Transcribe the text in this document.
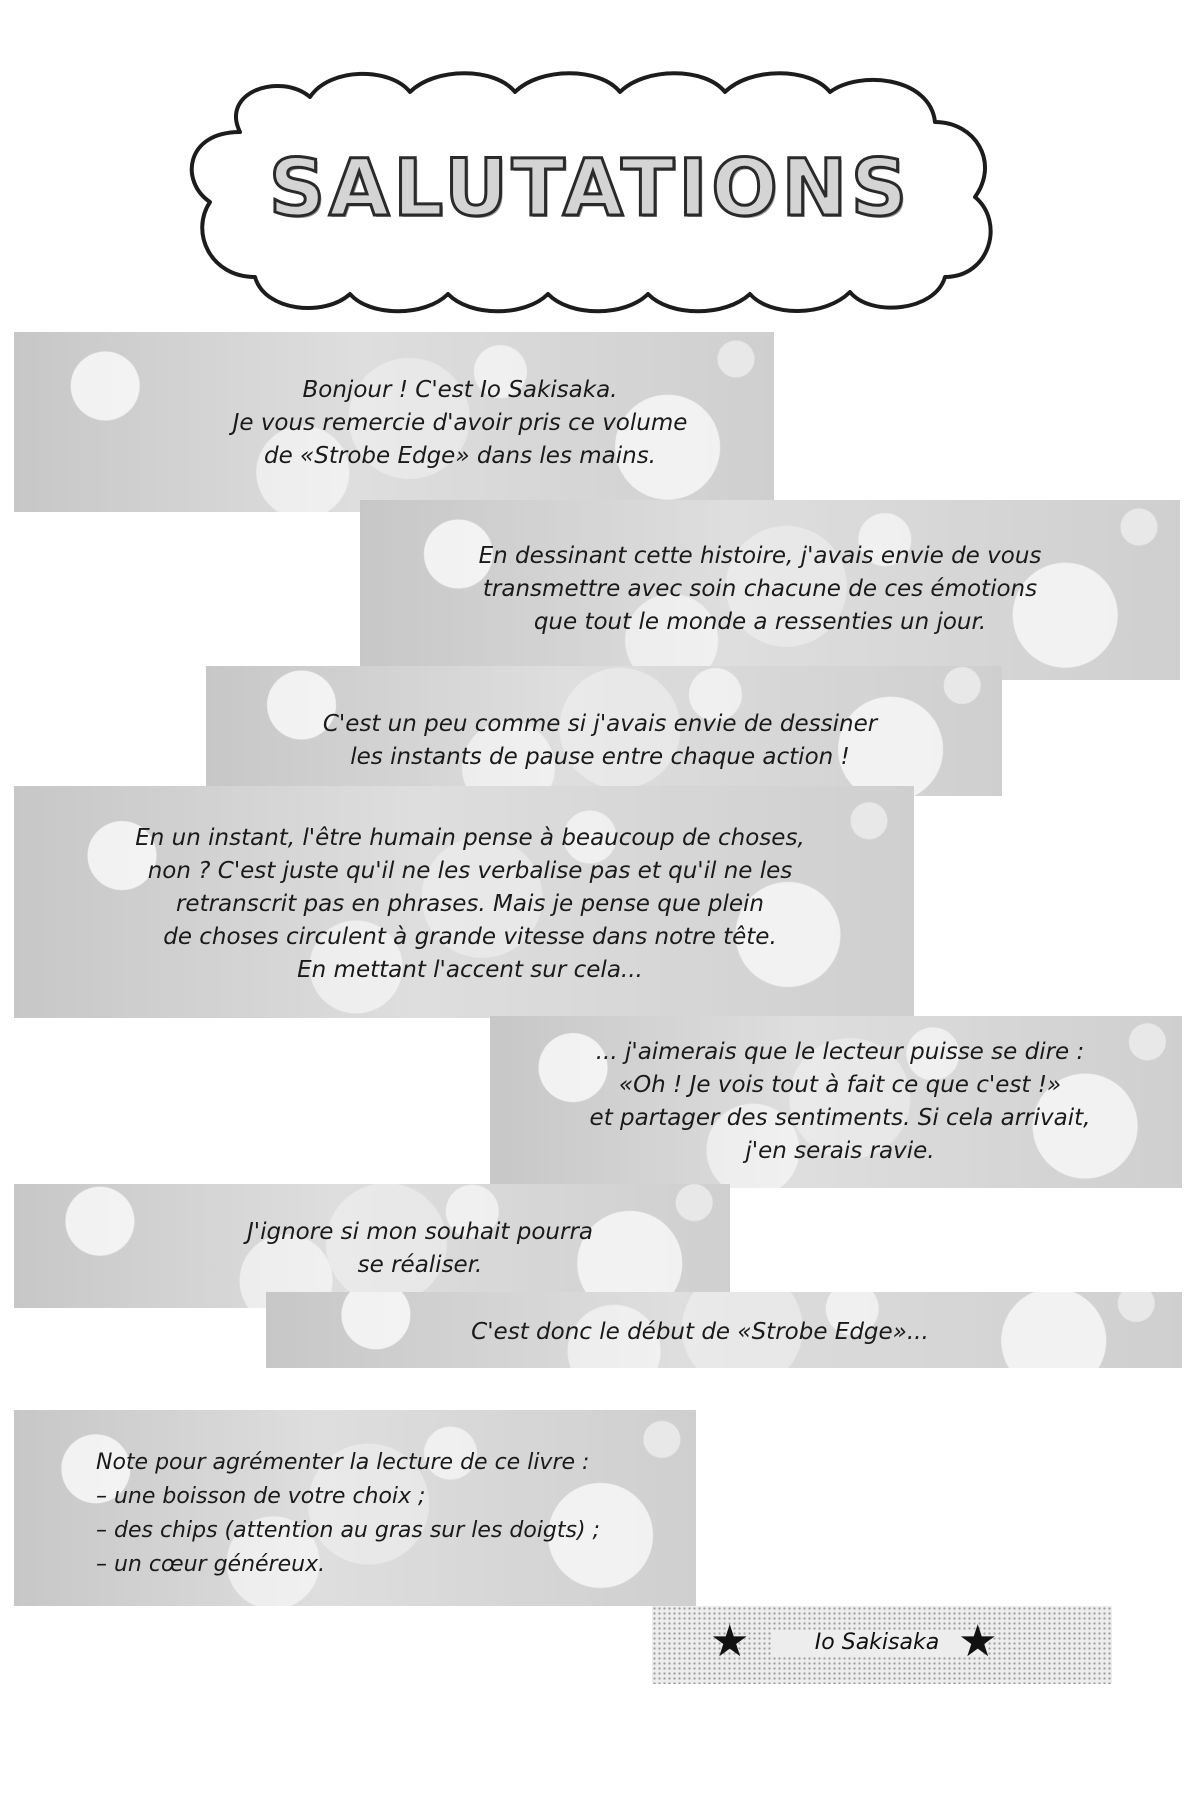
SALUTATIONS
Bonjour ! C'est Io Sakisaka.
Je vous remercie d'avoir pris ce volume
de «Strobe Edge» dans les mains.
En dessinant cette histoire, j'avais envie de vous
transmettre avec soin chacune de ces émotions
que tout le monde a ressenties un jour.
C'est un peu comme si j'avais envie de dessiner
les instants de pause entre chaque action !
En un instant, l'être humain pense à beaucoup de choses,
non ? C'est juste qu'il ne les verbalise pas et qu'il ne les
retranscrit pas en phrases. Mais je pense que plein
de choses circulent à grande vitesse dans notre tête.
En mettant l'accent sur cela...
... j'aimerais que le lecteur puisse se dire :
«Oh ! Je vois tout à fait ce que c'est !»
et partager des sentiments. Si cela arrivait,
j'en serais ravie.
J'ignore si mon souhait pourra
se réaliser.
C'est donc le début de «Strobe Edge»...
Note pour agrémenter la lecture de ce livre :
– une boisson de votre choix ;
– des chips (attention au gras sur les doigts) ;
– un cœur généreux.
★	Io Sakisaka ★
